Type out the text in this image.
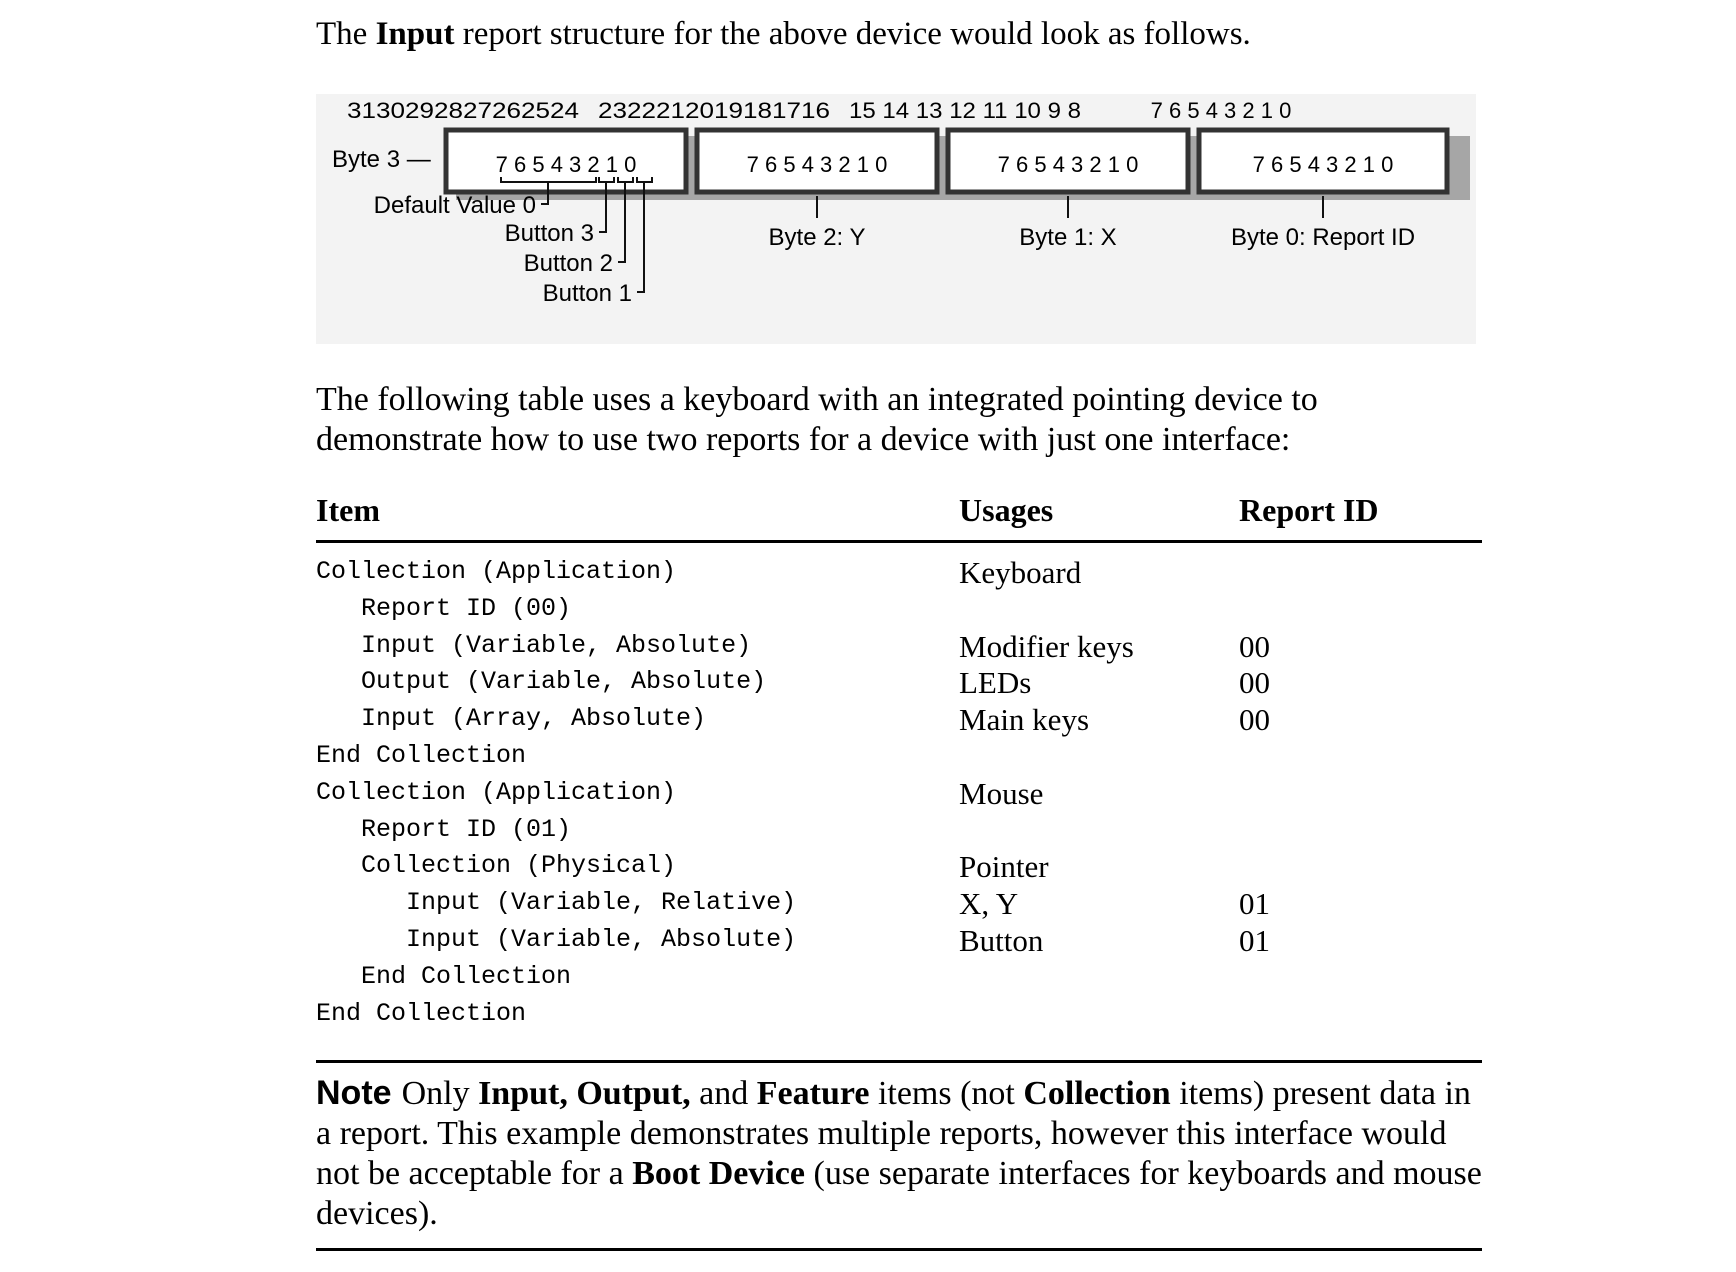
The Input report structure for the above device would look as follows.
3130292827262524 2322212019181716 15 14 13 12 11 10 9 8	7 6 5 4 3 2 1 0
7 6 5 4 3 2 1 0	7 6 5 4 3 2 1 0	7 6 5 4 3 2 1 0	7 6 5 4 3 2 1 0
Byte 3 —
Default Value 0
Button 3
Button 2
Button 1
Byte 2: Y	Byte 1: X	Byte 0: Report ID
The following table uses a keyboard with an integrated pointing device to demonstrate how to use two reports for a device with just one interface:
Item	Usages	Report ID
Collection (Application)	Keyboard
Report ID (00)
Input (Variable, Absolute)	Modifier keys	00
Output (Variable, Absolute)	LEDs	00
Input (Array, Absolute)	Main keys	00
End Collection
Collection (Application)	Mouse
Report ID (01)
Collection (Physical)	Pointer
Input (Variable, Relative)	X, Y	01
Input (Variable, Absolute)	Button	01
End Collection
End Collection
Note Only Input, Output, and Feature items (not Collection items) present data in a report. This example demonstrates multiple reports, however this interface would not be acceptable for a Boot Device (use separate interfaces for keyboards and mouse devices).
